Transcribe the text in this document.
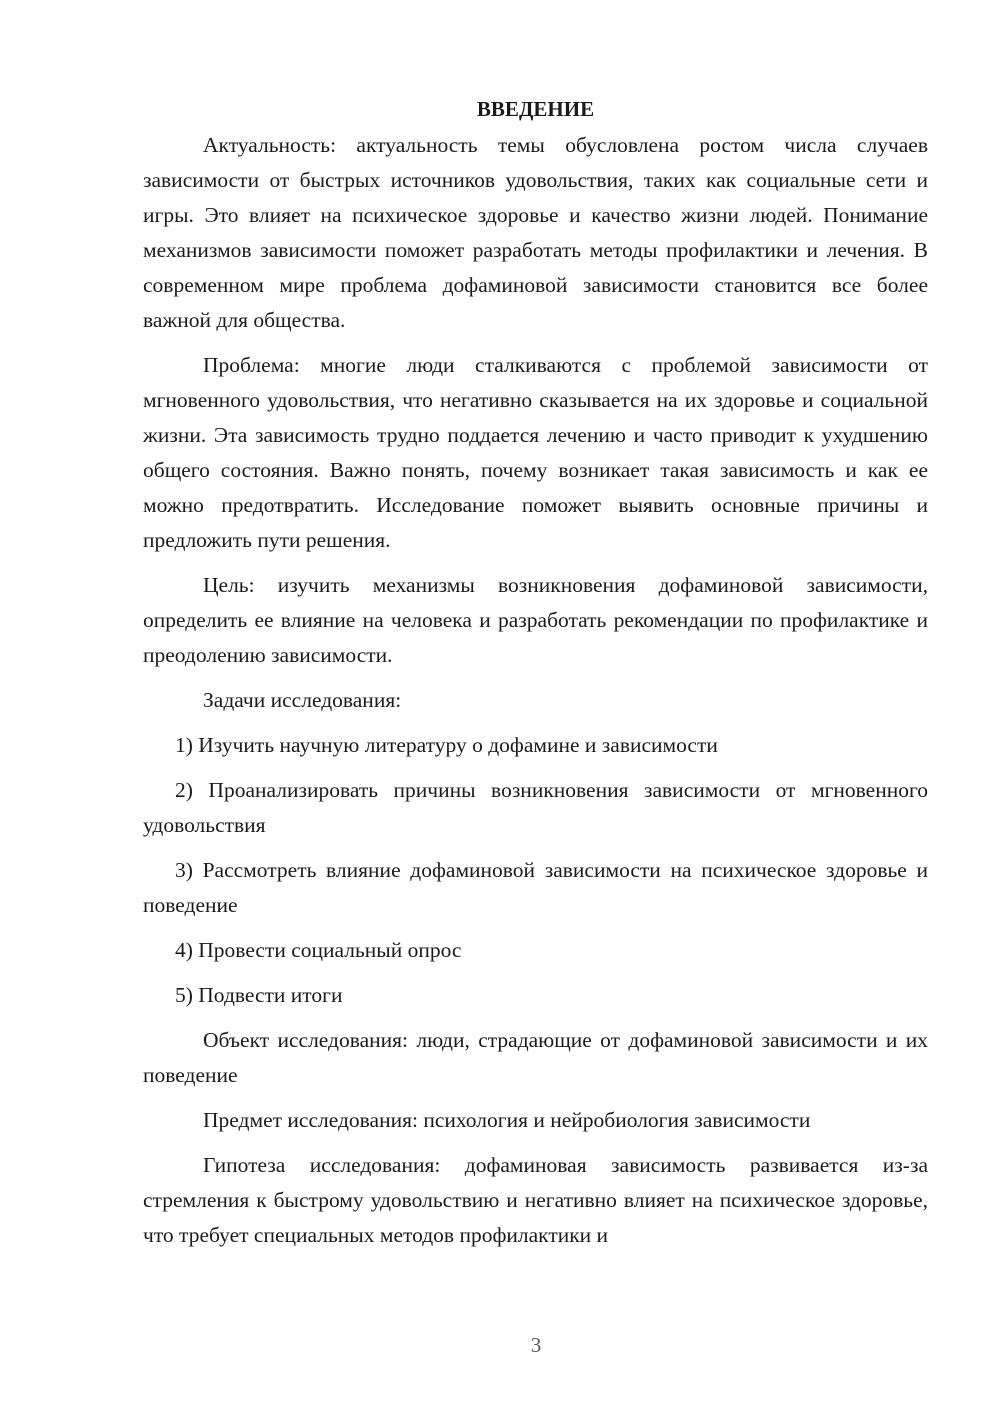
ВВЕДЕНИЕ

Актуальность: актуальность темы обусловлена ростом числа случаев зависимости от быстрых источников удовольствия, таких как социальные сети и игры. Это влияет на психическое здоровье и качество жизни людей. Понимание механизмов зависимости поможет разработать методы профилактики и лечения. В современном мире проблема дофаминовой зависимости становится все более важной для общества.

Проблема: многие люди сталкиваются с проблемой зависимости от мгновенного удовольствия, что негативно сказывается на их здоровье и социальной жизни. Эта зависимость трудно поддается лечению и часто приводит к ухудшению общего состояния. Важно понять, почему возникает такая зависимость и как ее можно предотвратить. Исследование поможет выявить основные причины и предложить пути решения.

Цель: изучить механизмы возникновения дофаминовой зависимости, определить ее влияние на человека и разработать рекомендации по профилактике и преодолению зависимости.

Задачи исследования:

1) Изучить научную литературу о дофамине и зависимости

2) Проанализировать причины возникновения зависимости от мгновенного удовольствия

3) Рассмотреть влияние дофаминовой зависимости на психическое здоровье и поведение

4) Провести социальный опрос

5) Подвести итоги

Объект исследования: люди, страдающие от дофаминовой зависимости и их поведение

Предмет исследования: психология и нейробиология зависимости

Гипотеза исследования: дофаминовая зависимость развивается из-за стремления к быстрому удовольствию и негативно влияет на психическое здоровье, что требует специальных методов профилактики и

3
